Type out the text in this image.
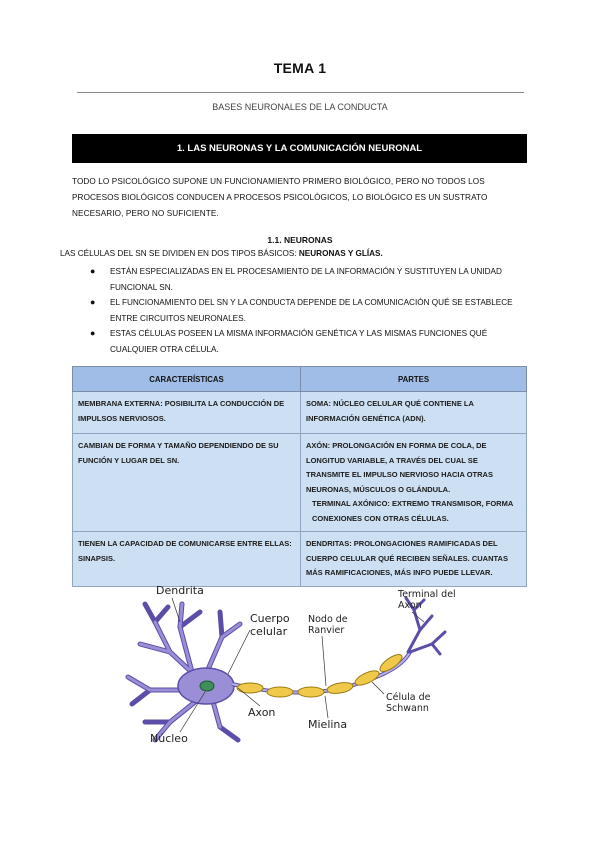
TEMA 1
BASES NEURONALES DE LA CONDUCTA
1. LAS NEURONAS Y LA COMUNICACIÓN NEURONAL

TODO LO PSICOLÓGICO SUPONE UN FUNCIONAMIENTO PRIMERO BIOLÓGICO, PERO NO TODOS LOS PROCESOS BIOLÓGICOS CONDUCEN A PROCESOS PSICOLÓGICOS, LO BIOLÓGICO ES UN SUSTRATO NECESARIO, PERO NO SUFICIENTE.

1.1. NEURONAS

LAS CÉLULAS DEL SN SE DIVIDEN EN DOS TIPOS BÁSICOS: NEURONAS Y GLÍAS.

● ESTÁN ESPECIALIZADAS EN EL PROCESAMIENTO DE LA INFORMACIÓN Y SUSTITUYEN LA UNIDAD FUNCIONAL SN.
● EL FUNCIONAMIENTO DEL SN Y LA CONDUCTA DEPENDE DE LA COMUNICACIÓN QUÉ SE ESTABLECE ENTRE CIRCUITOS NEURONALES.
● ESTAS CÉLULAS POSEEN LA MISMA INFORMACIÓN GENÉTICA Y LAS MISMAS FUNCIONES QUÉ CUALQUIER OTRA CÉLULA.
CARACTERÍSTICAS	PARTES
MEMBRANA EXTERNA: POSIBILITA LA CONDUCCIÓN DE IMPULSOS NERVIOSOS.	SOMA: NÚCLEO CELULAR QUÉ CONTIENE LA INFORMACIÓN GENÉTICA (ADN).
CAMBIAN DE FORMA Y TAMAÑO DEPENDIENDO DE SU FUNCIÓN Y LUGAR DEL SN.	AXÓN: PROLONGACIÓN EN FORMA DE COLA, DE LONGITUD VARIABLE, A TRAVÉS DEL CUAL SE TRANSMITE EL IMPULSO NERVIOSO HACIA OTRAS NEURONAS, MÚSCULOS O GLÁNDULA.
TERMINAL AXÓNICO: EXTREMO TRANSMISOR, FORMA CONEXIONES CON OTRAS CÉLULAS.

TIENEN LA CAPACIDAD DE COMUNICARSE ENTRE ELLAS: SINAPSIS.	DENDRITAS: PROLONGACIONES RAMIFICADAS DEL CUERPO CELULAR QUÉ RECIBEN SEÑALES. CUANTAS MÁS RAMIFICACIONES, MÁS INFO PUEDE LLEVAR.
Dendrita
Cuerpo
celular
Nodo de
Ranvier
Terminal del
Axon
Axon
Núcleo
Mielina
Célula de
Schwann
